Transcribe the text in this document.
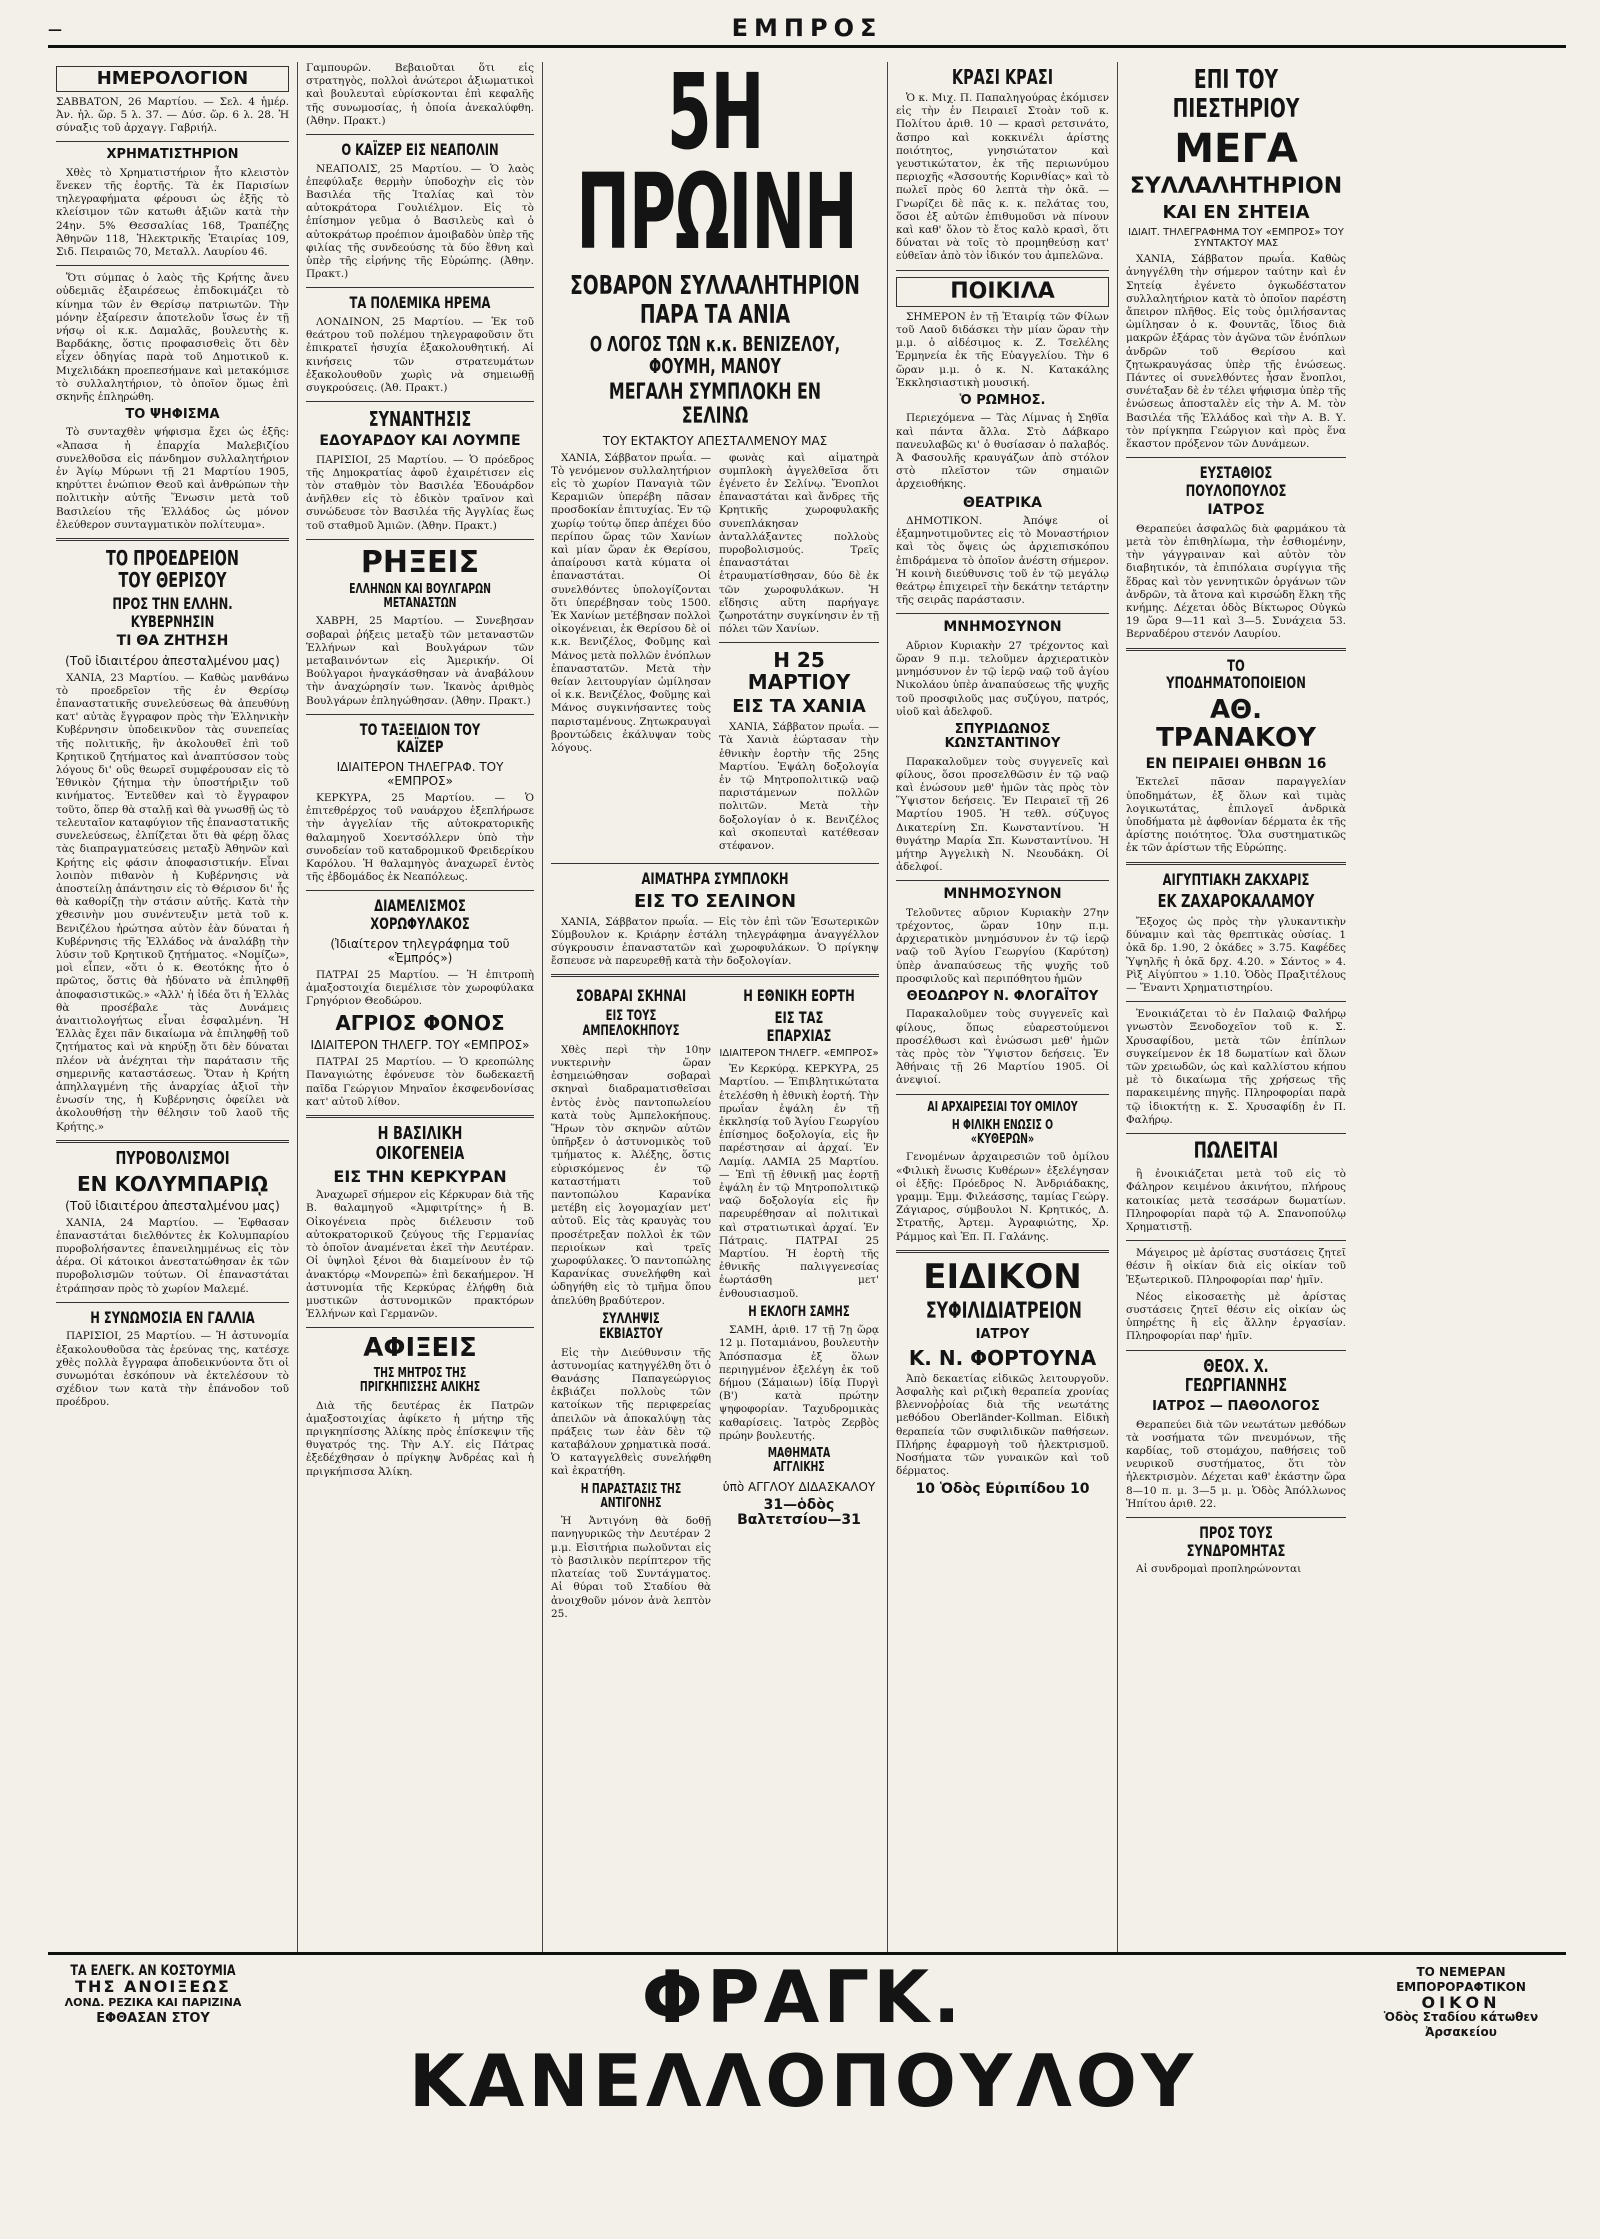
—	ΕΜΠΡΟΣ
ΗΜΕΡΟΛΟΓΙΟΝ

ΣΑΒΒΑΤΟΝ, 26 Μαρτίου. — Σελ. 4 ἡμέρ. Ἀν. ἡλ. ὥρ. 5 λ. 37. — Δύσ. ὥρ. 6 λ. 28. Ἡ σύναξις τοῦ ἀρχαγγ. Γαβριήλ.

ΧΡΗΜΑΤΙΣΤΗΡΙΟΝ

Χθὲς τὸ Χρηματιστήριον ἦτο κλειστὸν ἕνεκεν τῆς ἑορτῆς. Τὰ ἐκ Παρισίων τηλεγραφήματα φέρουσι ὡς ἑξῆς τὸ κλείσιμον τῶν κατωθι ἀξιῶν κατὰ τὴν 24ην. 5% Θεσσαλίας 168, Τραπέζης Ἀθηνῶν 118, Ἠλεκτρικῆς Ἑταιρίας 109, Σιδ. Πειραιῶς 70, Μεταλλ. Λαυρίου 46.

Ὅτι σύμπας ὁ λαὸς τῆς Κρήτης ἄνευ οὐδεμιᾶς ἐξαιρέσεως ἐπιδοκιμάζει τὸ κίνημα τῶν ἐν Θερίσῳ πατριωτῶν. Τὴν μόνην ἐξαίρεσιν ἀποτελοῦν ἴσως ἐν τῇ νήσῳ οἱ κ.κ. Δαμαλᾶς, βουλευτὴς κ. Βαρδάκης, ὅστις προφασισθεὶς ὅτι δὲν εἶχεν ὁδηγίας παρὰ τοῦ Δημοτικοῦ κ. Μιχελιδάκη προεπεσήμανε καὶ μετακόμισε τὸ συλλαλητήριον, τὸ ὁποῖον ὅμως ἐπὶ σκηνῆς ἐπληρώθη.

ΤΟ ΨΗΦΙΣΜΑ

Τὸ συνταχθὲν ψήφισμα ἔχει ὡς ἑξῆς: «Ἀπασα ἡ ἐπαρχία Μαλεβιζίου συνελθοῦσα εἰς πάνδημον συλλαλητήριον ἐν Ἁγίῳ Μύρωνι τῇ 21 Μαρτίου 1905, κηρύττει ἑνώπιον Θεοῦ καὶ ἀνθρώπων τὴν πολιτικὴν αὐτῆς Ἕνωσιν μετὰ τοῦ Βασιλείου τῆς Ἑλλάδος ὡς μόνον ἐλεύθερον συνταγματικὸν πολίτευμα».

ΤΟ ΠΡΟΕΔΡΕΙΟΝ ΤΟΥ ΘΕΡΙΣΟΥ
ΠΡΟΣ ΤΗΝ ΕΛΛΗΝ. ΚΥΒΕΡΝΗΣΙΝ
ΤΙ ΘΑ ΖΗΤΗΣΗ
(Τοῦ ἰδιαιτέρου ἀπεσταλμένου μας)

ΧΑΝΙΑ, 23 Μαρτίου. — Καθὼς μανθάνω τὸ προεδρεῖον τῆς ἐν Θερίσῳ ἐπαναστατικῆς συνελεύσεως θὰ ἀπευθύνῃ κατ' αὐτὰς ἔγγραφον πρὸς τὴν Ἑλληνικὴν Κυβέρνησιν ὑποδεικνῦον τὰς συνεπείας τῆς πολιτικῆς, ἣν ἀκολουθεῖ ἐπὶ τοῦ Κρητικοῦ ζητήματος καὶ ἀναπτύσσον τοὺς λόγους δι' οὓς θεωρεῖ συμφέρουσαν εἰς τὸ Ἐθνικὸν ζήτημα τὴν ὑποστήριξιν τοῦ κινήματος. Ἐντεῦθεν καὶ τὸ ἔγγραφον τοῦτο, ὅπερ θὰ σταλῇ καὶ θὰ γνωσθῇ ὡς τὸ τελευταῖον καταφύγιον τῆς ἐπαναστατικῆς συνελεύσεως, ἐλπίζεται ὅτι θὰ φέρῃ ὅλας τὰς διαπραγματεύσεις μεταξὺ Ἀθηνῶν καὶ Κρήτης εἰς φάσιν ἀποφασιστικήν. Εἶναι λοιπὸν πιθανὸν ἡ Κυβέρνησις νὰ ἀποστείλῃ ἀπάντησιν εἰς τὸ Θέρισον δι' ἧς θὰ καθορίζῃ τὴν στάσιν αὐτῆς. Κατὰ τὴν χθεσινὴν μου συνέντευξιν μετὰ τοῦ κ. Βενιζέλου ἠρώτησα αὐτὸν ἐὰν δύναται ἡ Κυβέρνησις τῆς Ἑλλάδος νὰ ἀναλάβῃ τὴν λύσιν τοῦ Κρητικοῦ ζητήματος. «Νομίζω», μοὶ εἶπεν, «ὅτι ὁ κ. Θεοτόκης ἦτο ὁ πρῶτος, ὅστις θὰ ἠδύνατο νὰ ἐπιληφθῇ ἀποφασιστικῶς.» «Ἀλλ' ἡ ἰδέα ὅτι ἡ Ἑλλὰς θὰ προσέβαλε τὰς Δυνάμεις ἀναιτιολογήτως εἶναι ἐσφαλμένη. Ἡ Ἑλλὰς ἔχει πᾶν δικαίωμα νὰ ἐπιληφθῇ τοῦ ζητήματος καὶ νὰ κηρύξῃ ὅτι δὲν δύναται πλέον νὰ ἀνέχηται τὴν παράτασιν τῆς σημερινῆς καταστάσεως. Ὅταν ἡ Κρήτη ἀπηλλαγμένη τῆς ἀναρχίας ἀξιοῖ τὴν ἑνωσίν της, ἡ Κυβέρνησις ὀφείλει νὰ ἀκολουθήσῃ τὴν θέλησιν τοῦ λαοῦ τῆς Κρήτης.»

ΠΥΡΟΒΟΛΙΣΜΟΙ
ΕΝ ΚΟΛΥΜΠΑΡΙῼ
(Τοῦ ἰδιαιτέρου ἀπεσταλμένου μας)

ΧΑΝΙΑ, 24 Μαρτίου. — Ἐφθασαν ἐπαναστάται διελθόντες ἐκ Κολυμπαρίου πυροβολήσαντες ἐπανειλημμένως εἰς τὸν ἀέρα. Οἱ κάτοικοι ἀνεστατώθησαν ἐκ τῶν πυροβολισμῶν τούτων. Οἱ ἐπαναστάται ἐτράπησαν πρὸς τὸ χωρίον Μαλεμέ.

Η ΣΥΝΩΜΟΣΙΑ ΕΝ ΓΑΛΛΙΑ

ΠΑΡΙΣΙΟΙ, 25 Μαρτίου. — Ἡ ἀστυνομία ἐξακολουθοῦσα τὰς ἐρεύνας της, κατέσχε χθὲς πολλὰ ἔγγραφα ἀποδεικνύοντα ὅτι οἱ συνωμόται ἐσκόπουν νὰ ἐκτελέσουν τὸ σχέδιον των κατὰ τὴν ἐπάνοδον τοῦ προέδρου.

Γαμπουρῶν. Βεβαιοῦται ὅτι εἰς στρατηγὸς, πολλοὶ ἀνώτεροι ἀξιωματικοὶ καὶ βουλευταὶ εὑρίσκονται ἐπὶ κεφαλῆς τῆς συνωμοσίας, ἡ ὁποία ἀνεκαλύφθη. (Ἀθην. Πρακτ.)

Ο ΚΑΪΖΕΡ ΕΙΣ ΝΕΑΠΟΛΙΝ

ΝΕΑΠΟΛΙΣ, 25 Μαρτίου. — Ὁ λαὸς ἐπεφύλαξε θερμὴν ὑποδοχὴν εἰς τὸν Βασιλέα τῆς Ἰταλίας καὶ τὸν αὐτοκράτορα Γουλιέλμον. Εἰς τὸ ἐπίσημον γεῦμα ὁ Βασιλεὺς καὶ ὁ αὐτοκράτωρ προέπιον ἀμοιβαδὸν ὑπὲρ τῆς φιλίας τῆς συνδεούσης τὰ δύο ἔθνη καὶ ὑπὲρ τῆς εἰρήνης τῆς Εὐρώπης. (Ἀθην. Πρακτ.)

ΤΑ ΠΟΛΕΜΙΚΑ ΗΡΕΜΑ

ΛΟΝΔΙΝΟΝ, 25 Μαρτίου. — Ἐκ τοῦ θεάτρου τοῦ πολέμου τηλεγραφοῦσιν ὅτι ἐπικρατεῖ ἡσυχία ἐξακολουθητική. Αἱ κινήσεις τῶν στρατευμάτων ἐξακολουθοῦν χωρὶς νὰ σημειωθῇ συγκρούσεις. (Ἀθ. Πρακτ.)

ΣΥΝΑΝΤΗΣΙΣ
ΕΔΟΥΑΡΔΟΥ ΚΑΙ ΛΟΥΜΠΕ

ΠΑΡΙΣΙΟΙ, 25 Μαρτίου. — Ὁ πρόεδρος τῆς Δημοκρατίας ἀφοῦ ἐχαιρέτισεν εἰς τὸν σταθμὸν τὸν Βασιλέα Ἐδουάρδον ἀνῆλθεν εἰς τὸ ἐδικὸν τραῖνον καὶ συνώδευσε τὸν Βασιλέα τῆς Ἀγγλίας ἕως τοῦ σταθμοῦ Ἀμιῶν. (Ἀθην. Πρακτ.)

ΡΗΞΕΙΣ
ΕΛΛΗΝΩΝ ΚΑΙ ΒΟΥΛΓΑΡΩΝ ΜΕΤΑΝΑΣΤΩΝ

ΧΑΒΡΗ, 25 Μαρτίου. — Συνεβησαν σοβαραὶ ῥήξεις μεταξὺ τῶν μεταναστῶν Ἑλλήνων καὶ Βουλγάρων τῶν μεταβαινόντων εἰς Ἀμερικήν. Οἱ Βούλγαροι ἠναγκάσθησαν νὰ ἀναβάλουν τὴν ἀναχώρησίν των. Ἱκανὸς ἀριθμὸς Βουλγάρων ἐπληγώθησαν. (Ἀθην. Πρακτ.)

ΤΟ ΤΑΞΕΙΔΙΟΝ ΤΟΥ ΚΑΪΖΕΡ
ΙΔΙΑΙΤΕΡΟΝ ΤΗΛΕΓΡΑΦ. ΤΟΥ «ΕΜΠΡΟΣ»

ΚΕΡΚΥΡΑ, 25 Μαρτίου. — Ὁ ἐπιτεθρέρχος τοῦ ναυάρχου ἐξεπλήρωσε τὴν ἀγγελίαν τῆς αὐτοκρατορικῆς θαλαμηγοῦ Χοεντσόλλερν ὑπὸ τὴν συνοδείαν τοῦ καταδρομικοῦ Φρειδερίκου Καρόλου. Ἡ θαλαμηγὸς ἀναχωρεῖ ἐντὸς τῆς ἐβδομάδος ἐκ Νεαπόλεως.

ΔΙΑΜΕΛΙΣΜΟΣ ΧΟΡΩΦΥΛΑΚΟΣ
(Ἰδιαίτερον τηλεγράφημα τοῦ «Ἐμπρός»)

ΠΑΤΡΑΙ 25 Μαρτίου. — Ἡ ἐπιτροπὴ ἀμαξοστοιχία διεμέλισε τὸν χωροφύλακα Γρηγόριον Θεοδώρου.

ΑΓΡΙΟΣ ΦΟΝΟΣ
ΙΔΙΑΙΤΕΡΟΝ ΤΗΛΕΓΡ. ΤΟΥ «ΕΜΠΡΟΣ»

ΠΑΤΡΑΙ 25 Μαρτίου. — Ὁ κρεοπώλης Παναγιώτης ἐφόνευσε τὸν δωδεκαετῆ παῖδα Γεώργιον Μηναῖον ἐκσφενδονίσας κατ' αὐτοῦ λίθον.

Η ΒΑΣΙΛΙΚΗ ΟΙΚΟΓΕΝΕΙΑ
ΕΙΣ ΤΗΝ ΚΕΡΚΥΡΑΝ

Ἀναχωρεῖ σήμερον εἰς Κέρκυραν διὰ τῆς Β. θαλαμηγοῦ «Ἀμφιτρίτης» ἡ Β. Οἰκογένεια πρὸς διέλευσιν τοῦ αὐτοκρατορικοῦ ζεύγους τῆς Γερμανίας τὸ ὁποῖον ἀναμένεται ἐκεῖ τὴν Δευτέραν. Οἱ ὑψηλοὶ ξένοι θὰ διαμείνουν ἐν τῷ ἀνακτόρῳ «Μονρεπὼ» ἐπὶ δεκαήμερον. Ἡ ἀστυνομία τῆς Κερκύρας ἐλήφθη διὰ μυστικῶν ἀστυνομικῶν πρακτόρων Ἑλλήνων καὶ Γερμανῶν.

ΑΦΙΞΕΙΣ
ΤΗΣ ΜΗΤΡΟΣ ΤΗΣ ΠΡΙΓΚΗΠΙΣΣΗΣ ΑΛΙΚΗΣ

Διὰ τῆς δευτέρας ἐκ Πατρῶν ἀμαξοστοιχίας ἀφίκετο ἡ μήτηρ τῆς πριγκηπίσσης Ἀλίκης πρὸς ἐπίσκεψιν τῆς θυγατρός της. Τὴν Α.Υ. εἰς Πάτρας ἐξεδέχθησαν ὁ πρίγκηψ Ἀνδρέας καὶ ἡ πριγκήπισσα Ἀλίκη.

5Η ΠΡΩΙΝΗ
ΣΟΒΑΡΟΝ ΣΥΛΛΑΛΗΤΗΡΙΟΝ ΠΑΡΑ ΤΑ ΑΝΙΑ
Ο ΛΟΓΟΣ ΤΩΝ κ.κ. ΒΕΝΙΖΕΛΟΥ, ΦΟΥΜΗ, ΜΑΝΟΥ
ΜΕΓΑΛΗ ΣΥΜΠΛΟΚΗ ΕΝ ΣΕΛΙΝΩ
ΤΟΥ ΕΚΤΑΚΤΟΥ ΑΠΕΣΤΑΛΜΕΝΟΥ ΜΑΣ

ΧΑΝΙΑ, Σάββατον πρωΐα. — Τὸ γενόμενον συλλαλητήριον εἰς τὸ χωρίον Παναγιὰ τῶν Κεραμιῶν ὑπερέβη πᾶσαν προσδοκίαν ἐπιτυχίας. Ἐν τῷ χωρίῳ τούτῳ ὅπερ ἀπέχει δύο περίπου ὥρας τῶν Χανίων καὶ μίαν ὥραν ἐκ Θερίσου, ἀπαίρουσι κατὰ κύματα οἱ ἐπαναστάται. Οἱ συνελθόντες ὑπολογίζονται ὅτι ὑπερέβησαν τοὺς 1500. Ἐκ Χανίων μετέβησαν πολλοὶ οἰκογένειαι, ἐκ Θερίσου δὲ οἱ κ.κ. Βενιζέλος, Φοῦμης καὶ Μάνος μετὰ πολλῶν ἐνόπλων ἐπαναστατῶν. Μετὰ τὴν θείαν λειτουργίαν ὡμίλησαν οἱ κ.κ. Βενιζέλος, Φοῦμης καὶ Μάνος συγκινήσαντες τοὺς παρισταμένους. Ζητωκραυγαὶ βροντώδεις ἐκάλυψαν τοὺς λόγους.

φωνὰς καὶ αἱματηρὰ συμπλοκὴ ἀγγελθεῖσα ὅτι ἐγένετο ἐν Σελίνῳ. Ἔνοπλοι ἐπαναστάται καὶ ἄνδρες τῆς Κρητικῆς χωροφυλακῆς συνεπλάκησαν ἀνταλλάξαντες πολλοὺς πυροβολισμούς. Τρεῖς ἐπαναστάται ἐτραυματίσθησαν, δύο δὲ ἐκ τῶν χωροφυλάκων. Ἡ εἴδησις αὕτη παρήγαγε ζωηροτάτην συγκίνησιν ἐν τῇ πόλει τῶν Χανίων.

Η 25 ΜΑΡΤΙΟΥ
ΕΙΣ ΤΑ ΧΑΝΙΑ

ΧΑΝΙΑ, Σάββατον πρωΐα. — Τὰ Χανιὰ ἑώρτασαν τὴν ἐθνικὴν ἑορτὴν τῆς 25ης Μαρτίου. Ἐψάλη δοξολογία ἐν τῷ Μητροπολιτικῷ ναῷ παριστάμενων πολλῶν πολιτῶν. Μετὰ τὴν δοξολογίαν ὁ κ. Βενιζέλος καὶ σκοπευταὶ κατέθεσαν στέφανον.

ΑΙΜΑΤΗΡΑ ΣΥΜΠΛΟΚΗ
ΕΙΣ ΤΟ ΣΕΛΙΝΟΝ

ΧΑΝΙΑ, Σάββατον πρωΐα. — Εἰς τὸν ἐπὶ τῶν Ἐσωτερικῶν Σύμβουλον κ. Κριάρην ἐστάλη τηλεγράφημα ἀναγγέλλον σύγκρουσιν ἐπαναστατῶν καὶ χωροφυλάκων. Ὁ πρίγκηψ ἔσπευσε νὰ παρευρεθῇ κατὰ τὴν δοξολογίαν.

ΣΟΒΑΡΑΙ ΣΚΗΝΑΙ
ΕΙΣ ΤΟΥΣ ΑΜΠΕΛΟΚΗΠΟΥΣ

Χθὲς περὶ τὴν 10ην νυκτερινὴν ὥραν ἐσημειώθησαν σοβαραὶ σκηναὶ διαδραματισθεῖσαι ἐντὸς ἑνὸς παντοπωλείου κατὰ τοὺς Ἀμπελοκήπους. Ἥρων τὸν σκηνῶν αὐτῶν ὑπῆρξεν ὁ ἀστυνομικὸς τοῦ τμήματος κ. Ἀλέξης, ὅστις εὑρισκόμενος ἐν τῷ καταστήματι τοῦ παντοπώλου Καρανίκα μετέβη εἰς λογομαχίαν μετ' αὐτοῦ. Εἰς τὰς κραυγὰς του προσέτρεξαν πολλοὶ ἐκ τῶν περιοίκων καὶ τρεῖς χωροφύλακες. Ὁ παντοπώλης Καρανίκας συνελήφθη καὶ ὡδηγήθη εἰς τὸ τμῆμα ὅπου ἀπελύθη βραδύτερον.

ΣΥΛΛΗΨΙΣ ΕΚΒΙΑΣΤΟΥ

Εἰς τὴν Διεύθυνσιν τῆς ἀστυνομίας κατηγγέλθη ὅτι ὁ Θανάσης Παπαγεώργιος ἐκβιάζει πολλοὺς τῶν κατοίκων τῆς περιφερείας ἀπειλῶν νὰ ἀποκαλύψῃ τὰς πράξεις των ἐὰν δὲν τῷ καταβάλουν χρηματικὰ ποσά. Ὁ καταγγελθεὶς συνελήφθη καὶ ἐκρατήθη.

Η ΠΑΡΑΣΤΑΣΙΣ ΤΗΣ ΑΝΤΙΓΟΝΗΣ

Ἡ Ἀντιγόνη θὰ δοθῇ πανηγυρικῶς τὴν Δευτέραν 2 μ.μ. Εἰσιτήρια πωλοῦνται εἰς τὸ βασιλικὸν περίπτερον τῆς πλατείας τοῦ Συντάγματος. Αἱ θύραι τοῦ Σταδίου θὰ ἀνοιχθοῦν μόνον ἀνὰ λεπτὸν 25.

Η ΕΘΝΙΚΗ ΕΟΡΤΗ
ΕΙΣ ΤΑΣ ΕΠΑΡΧΙΑΣ
ΙΔΙΑΙΤΕΡΟΝ ΤΗΛΕΓΡ. «ΕΜΠΡΟΣ»

Ἐν Κερκύρᾳ. ΚΕΡΚΥΡΑ, 25 Μαρτίου. — Ἐπιβλητικώτατα ἐτελέσθη ἡ ἐθνικὴ ἑορτή. Τὴν πρωΐαν ἐψάλη ἐν τῇ ἐκκλησίᾳ τοῦ Ἁγίου Γεωργίου ἐπίσημος δοξολογία, εἰς ἣν παρέστησαν αἱ ἀρχαί. Ἐν Λαμίᾳ. ΛΑΜΙΑ 25 Μαρτίου. — Ἐπὶ τῇ ἐθνικῇ μας ἑορτῇ ἐψάλη ἐν τῷ Μητροπολιτικῷ ναῷ δοξολογία εἰς ἣν παρευρέθησαν αἱ πολιτικαὶ καὶ στρατιωτικαὶ ἀρχαί. Ἐν Πάτραις. ΠΑΤΡΑΙ 25 Μαρτίου. Ἡ ἑορτὴ τῆς ἐθνικῆς παλιγγενεσίας ἐωρτάσθη μετ' ἐνθουσιασμοῦ.

Η ΕΚΛΟΓΗ ΣΑΜΗΣ

ΣΑΜΗ, ἀριθ. 17 τῇ 7ῃ ὥρᾳ 12 μ. Ποταμιάνου, βουλευτὴν Ἀπόσπασμα ἐξ ὅλων περιηγμένον ἐξελέγη ἐκ τοῦ δήμου (Σάμαιων) ἰδίᾳ Πυργὶ (Β') κατὰ πρώτην ψηφοφορίαν. Ταχυδρομικὰς καθαρίσεις. Ἰατρὸς Ζερβὸς πρώην βουλευτής.

ΜΑΘΗΜΑΤΑ ΑΓΓΛΙΚΗΣ
ὑπὸ ΑΓΓΛΟΥ ΔΙΔΑΣΚΑΛΟΥ
31—ὁδὸς Βαλτετσίου—31
ΚΡΑΣΙ ΚΡΑΣΙ

Ὁ κ. Μιχ. Π. Παπαληγούρας ἐκόμισεν εἰς τὴν ἐν Πειραιεῖ Στοὰν τοῦ κ. Πολίτου ἀριθ. 10 — κρασὶ ρετσινάτο, ἄσπρο καὶ κοκκινέλι ἀρίστης ποιότητος, γνησιώτατον καὶ γευστικώτατον, ἐκ τῆς περιωνύμου περιοχῆς «Ἀσσουτής Κορινθίας» καὶ τὸ πωλεῖ πρὸς 60 λεπτὰ τὴν ὀκᾶ. — Γνωρίζει δὲ πᾶς κ. κ. πελάτας του, ὅσοι ἐξ αὐτῶν ἐπιθυμοῦσι νὰ πίνουν καὶ καθ' ὅλον τὸ ἔτος καλὸ κρασὶ, ὅτι δύναται νὰ τοῖς τὸ προμηθεύσῃ κατ' εὐθεῖαν ἀπὸ τὸν ἰδικόν του ἀμπελῶνα.

ΠΟΙΚΙΛΑ

ΣΗΜΕΡΟΝ ἐν τῇ Ἑταιρίᾳ τῶν Φίλων τοῦ Λαοῦ διδάσκει τὴν μίαν ὥραν τὴν μ.μ. ὁ αἰδέσιμος κ. Ζ. Τσελέλης Ἑρμηνεία ἐκ τῆς Εὐαγγελίου. Τὴν 6 ὥραν μ.μ. ὁ κ. Ν. Κατακάλης Ἐκκλησιαστικὴ μουσική.

Ὁ ΡΩΜΗΟΣ.

Περιεχόμενα — Τὰς Λίμνας ἡ Σηθῖα καὶ πάντα ἄλλα. Στὸ Δάβκαρο πανευλαβῶς κι' ὁ θυσίασαν ὁ παλαβός. Ἀ Φασουλῆς κραυγάζων ἀπὸ στόλον στὸ πλεῖστον τῶν σημαιῶν ἀρχειοθήκης.

ΘΕΑΤΡΙΚΑ

ΔΗΜΟΤΙΚΟΝ. Ἀπόψε οἱ ἑξαμηνοτιμοῦντες εἰς τὸ Μοναστήριον καὶ τὸς ὄψεις ὡς ἀρχιεπισκόπου ἐπιδράμενα τὸ ὁποῖον ἀνέστη σήμερον. Ἡ κοινὴ διεύθυνσις τοῦ ἐν τῷ μεγάλῳ θεάτρῳ ἐπιχειρεῖ τὴν δεκάτην τετάρτην τῆς σειρᾶς παράστασιν.

ΜΝΗΜΟΣΥΝΟΝ

Αὔριον Κυριακὴν 27 τρέχοντος καὶ ὥραν 9 π.μ. τελοῦμεν ἀρχιερατικὸν μνημόσυνον ἐν τῷ ἱερῷ ναῷ τοῦ ἁγίου Νικολάου ὑπὲρ ἀναπαύσεως τῆς ψυχῆς τοῦ προσφιλοῦς μας συζύγου, πατρός, υἱοῦ καὶ ἀδελφοῦ.

ΣΠΥΡΙΔΩΝΟΣ ΚΩΝΣΤΑΝΤΙΝΟΥ

Παρακαλοῦμεν τοὺς συγγενεῖς καὶ φίλους, ὅσοι προσελθῶσιν ἐν τῷ ναῷ καὶ ἑνώσουν μεθ' ἡμῶν τὰς πρὸς τὸν Ὕψιστον δεήσεις. Ἐν Πειραιεῖ τῇ 26 Μαρτίου 1905. Ἡ τεθλ. σύζυγος Δικατερίνη Σπ. Κωνσταντίνου. Ἡ θυγάτηρ Μαρία Σπ. Κωνσταντίνου. Ἡ μήτηρ Ἀγγελικὴ Ν. Νεουδάκη. Οἱ ἀδελφοί.

ΜΝΗΜΟΣΥΝΟΝ

Τελοῦντες αὔριον Κυριακὴν 27ην τρέχοντος, ὥραν 10ην π.μ. ἀρχιερατικὸν μνημόσυνον ἐν τῷ ἱερῷ ναῷ τοῦ Ἁγίου Γεωργίου (Καρύτση) ὑπὲρ ἀναπαύσεως τῆς ψυχῆς τοῦ προσφιλοῦς καὶ περιπόθητου ἡμῶν

ΘΕΟΔΩΡΟΥ Ν. ΦΛΟΓΑΪΤΟΥ

Παρακαλοῦμεν τοὺς συγγενεῖς καὶ φίλους, ὅπως εὐαρεστούμενοι προσέλθωσι καὶ ἑνώσωσι μεθ' ἡμῶν τὰς πρὸς τὸν Ὕψιστον δεήσεις. Ἐν Ἀθήναις τῇ 26 Μαρτίου 1905. Οἱ ἀνεψιοί.

ΑΙ ΑΡΧΑΙΡΕΣΙΑΙ ΤΟΥ ΟΜΙΛΟΥ
Η ΦΙΛΙΚΗ ΕΝΩΣΙΣ Ο «ΚΥΘΕΡΩΝ»

Γενομένων ἀρχαιρεσιῶν τοῦ ὁμίλου «Φιλικὴ ἕνωσις Κυθέρων» ἐξελέγησαν οἱ ἑξῆς: Πρόεδρος Ν. Ἀνδριάδακης, γραμμ. Ἐμμ. Φιλεάσσης, ταμίας Γεώργ. Ζάγιαρος, σύμβουλοι Ν. Κρητικός, Δ. Στρατῆς, Ἀρτεμ. Ἀγραφιώτης, Χρ. Ράμμος καὶ Ἐπ. Π. Γαλάνης.

ΕΙΔΙΚΟΝ
ΣΥΦΙΛΙΔΙΑΤΡΕΙΟΝ
ΙΑΤΡΟΥ
Κ. Ν. ΦΟΡΤΟΥΝΑ

Ἀπὸ δεκαετίας εἰδικῶς λειτουργοῦν. Ἀσφαλὴς καὶ ριζικὴ θεραπεία χρονίας βλεννοῤῥοίας διὰ τῆς νεωτάτης μεθόδου Oberländer-Kollman. Εἰδικὴ θεραπεία τῶν συφιλιδικῶν παθήσεων. Πλήρης ἐφαρμογὴ τοῦ ἠλεκτρισμοῦ. Νοσήματα τῶν γυναικῶν καὶ τοῦ δέρματος.

10 Ὁδὸς Εὐριπίδου 10
ΕΠΙ ΤΟΥ ΠΙΕΣΤΗΡΙΟΥ
ΜΕΓΑ
ΣΥΛΛΑΛΗΤΗΡΙΟΝ
ΚΑΙ ΕΝ ΣΗΤΕΙΑ
ΙΔΙΑΙΤ. ΤΗΛΕΓΡΑΦΗΜΑ ΤΟΥ «ΕΜΠΡΟΣ» ΤΟΥ ΣΥΝΤΑΚΤΟΥ ΜΑΣ

ΧΑΝΙΑ, Σάββατον πρωΐα. Καθὼς ἀνηγγέλθη τὴν σήμερον ταύτην καὶ ἐν Σητείᾳ ἐγένετο ὀγκωδέστατον συλλαλητήριον κατὰ τὸ ὁποῖον παρέστη ἄπειρον πλῆθος. Εἰς τοὺς ὁμιλήσαντας ὡμίλησαν ὁ κ. Φουντᾶς, ἴδιος διὰ μακρῶν ἐξάρας τὸν ἀγῶνα τῶν ἐνόπλων ἀνδρῶν τοῦ Θερίσου καὶ ζητωκραυγάσας ὑπὲρ τῆς ἑνώσεως. Πάντες οἱ συνελθόντες ἦσαν ἔνοπλοι, συνέταξαν δὲ ἐν τέλει ψήφισμα ὑπὲρ τῆς ἑνώσεως ἀποσταλὲν εἰς τὴν Α. Μ. τὸν Βασιλέα τῆς Ἑλλάδος καὶ τὴν Α. Β. Υ. τὸν πρίγκηπα Γεώργιον καὶ πρὸς ἕνα ἕκαστον πρόξενον τῶν Δυνάμεων.

ΕΥΣΤΑΘΙΟΣ ΠΟΥΛΟΠΟΥΛΟΣ
ΙΑΤΡΟΣ

Θεραπεύει ἀσφαλῶς διὰ φαρμάκου τὰ μετὰ τὸν ἐπιθηλίωμα, τὴν ἐσθιομένην, τὴν γάγγραιναν καὶ αὐτὸν τὸν διαβητικόν, τὰ ἐπιπόλαια συρίγγια τῆς ἕδρας καὶ τὸν γεννητικῶν ὀργάνων τῶν ἀνδρῶν, τὰ ἄτονα καὶ κιρσώδη ἕλκη τῆς κνήμης. Δέχεται ὁδὸς Βίκτωρος Οὐγκὼ 19 ὥρα 9—11 καὶ 3—5. Συνάχεια 53. Βερναδέρου στενόν Λαυρίου.

ΤΟ ΥΠΟΔΗΜΑΤΟΠΟΙΕΙΟΝ
ΑΘ. ΤΡΑΝΑΚΟΥ
ΕΝ ΠΕΙΡΑΙΕΙ ΘΗΒΩΝ 16

Ἐκτελεῖ πᾶσαν παραγγελίαν ὑποδημάτων, ἐξ ὅλων καὶ τιμὰς λογικωτάτας, ἐπιλογεῖ ἀνδρικὰ ὑποδήματα μὲ ἀφθονίαν δέρματα ἐκ τῆς ἀρίστης ποιότητος. Ὅλα συστηματικῶς ἐκ τῶν ἀρίστων τῆς Εὐρώπης.

ΑΙΓΥΠΤΙΑΚΗ ΖΑΚΧΑΡΙΣ
ΕΚ ΖΑΧΑΡΟΚΑΛΑΜΟΥ

Ἔξοχος ὡς πρὸς τὴν γλυκαντικὴν δύναμιν καὶ τὰς θρεπτικὰς οὐσίας. 1 ὀκᾶ δρ. 1.90, 2 ὀκάδες » 3.75. Καφέδες Ὑψηλῆς ἡ ὀκᾶ δρχ. 4.20. » Σάντος » 4. Ρὶξ Αἰγύπτου » 1.10. Ὁδὸς Πραξιτέλους — Ἔναντι Χρηματιστηρίου.

Ἐνοικιάζεται τὸ ἐν Παλαιῷ Φαλήρῳ γνωστὸν Ξενοδοχεῖον τοῦ κ. Σ. Χρυσαφίδου, μετὰ τῶν ἐπίπλων συγκείμενον ἐκ 18 δωματίων καὶ ὅλων τῶν χρειωδῶν, ὡς καὶ καλλίστου κήπου μὲ τὸ δικαίωμα τῆς χρήσεως τῆς παρακειμένης πηγῆς. Πληροφορίαι παρὰ τῷ ἰδιοκτήτῃ κ. Σ. Χρυσαφίδῃ ἐν Π. Φαλήρῳ.

ΠΩΛΕΙΤΑΙ

ἢ ἐνοικιάζεται μετὰ τοῦ εἰς τὸ Φάληρον κειμένου ἀκινήτου, πλήρους κατοικίας μετὰ τεσσάρων δωματίων. Πληροφορίαι παρὰ τῷ Α. Σπανοπούλῳ Χρηματιστῇ.

Μάγειρος μὲ ἀρίστας συστάσεις ζητεῖ θέσιν ἢ οἰκίαν διὰ εἰς οἰκίαν τοῦ Ἐξωτερικοῦ. Πληροφορίαι παρ' ἡμῖν.

Νέος εἰκοσαετὴς μὲ ἀρίστας συστάσεις ζητεῖ θέσιν εἰς οἰκίαν ὡς ὑπηρέτης ἢ εἰς ἄλλην ἐργασίαν. Πληροφορίαι παρ' ἡμῖν.

ΘΕΟΧ. Χ. ΓΕΩΡΓΙΑΝΝΗΣ
ΙΑΤΡΟΣ — ΠΑΘΟΛΟΓΟΣ

Θεραπεύει διὰ τῶν νεωτάτων μεθόδων τὰ νοσήματα τῶν πνευμόνων, τῆς καρδίας, τοῦ στομάχου, παθήσεις τοῦ νευρικοῦ συστήματος, ὅτι τὸν ἠλεκτρισμὸν. Δέχεται καθ' ἑκάστην ὥρα 8—10 π. μ. 3—5 μ. μ. Ὁδὸς Ἀπόλλωνος Ἡπίτου ἀριθ. 22.

ΠΡΟΣ ΤΟΥΣ ΣΥΝΔΡΟΜΗΤΑΣ

Αἱ συνδρομαὶ προπληρώνονται

ΤΑ ΕΛΕΓΚ. ΑΝ ΚΟΣΤΟΥΜΙΑ
ΤΗΣ ΑΝΟΙΞΕΩΣ
ΛΟΝΔ. ΡΕΖΙΚΑ ΚΑΙ ΠΑΡΙΖΙΝΑ
ΕΦΘΑΣΑΝ ΣΤΟΥ	ΦΡΑΓΚ. ΚΑΝΕΛΛΟΠΟΥΛΟΥ
ΤΟ ΝΕΜΕΡΑΝ ΕΜΠΟΡΟΡΑΦΤΙΚΟΝ
ΟΙΚΟΝ
Ὁδὸς Σταδίου κάτωθεν
Ἀρσακείου
